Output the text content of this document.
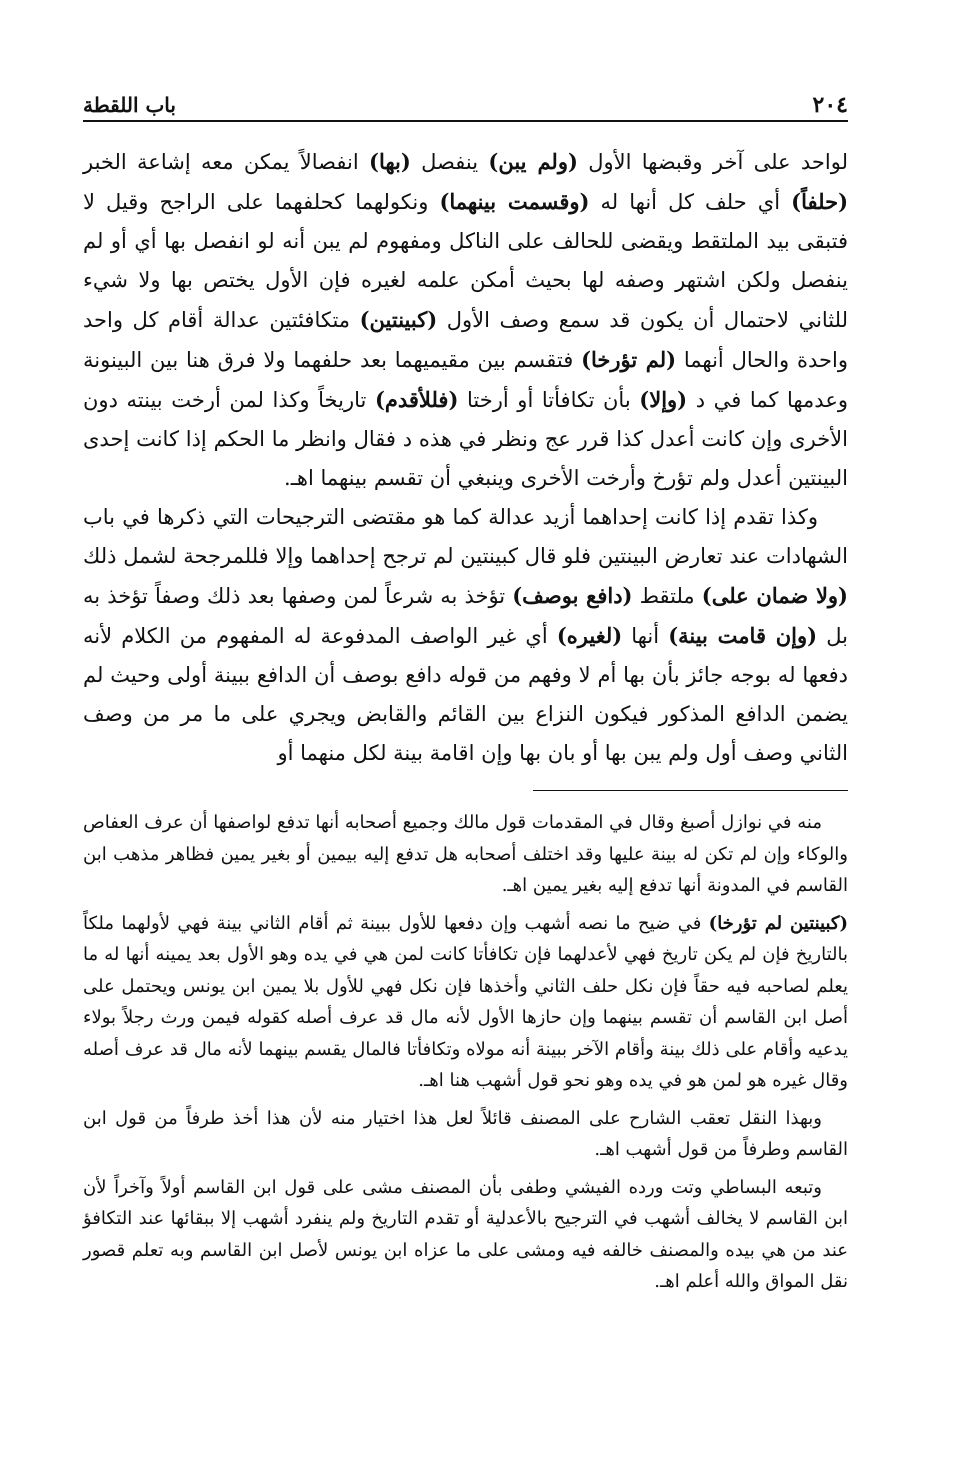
٢٠٤
باب اللقطة

لواحد على آخر وقبضها الأول (ولم يبن) ينفصل (بها) انفصالاً يمكن معه إشاعة الخبر (حلفاً) أي حلف كل أنها له (وقسمت بينهما) ونكولهما كحلفهما على الراجح وقيل لا فتبقى بيد الملتقط ويقضى للحالف على الناكل ومفهوم لم يبن أنه لو انفصل بها أي أو لم ينفصل ولكن اشتهر وصفه لها بحيث أمكن علمه لغيره فإن الأول يختص بها ولا شيء للثاني لاحتمال أن يكون قد سمع وصف الأول (كبينتين) متكافئتين عدالة أقام كل واحد واحدة والحال أنهما (لم تؤرخا) فتقسم بين مقيميهما بعد حلفهما ولا فرق هنا بين البينونة وعدمها كما في د (وإلا) بأن تكافأتا أو أرختا (فللأقدم) تاريخاً وكذا لمن أرخت بينته دون الأخرى وإن كانت أعدل كذا قرر عج ونظر في هذه د فقال وانظر ما الحكم إذا كانت إحدى البينتين أعدل ولم تؤرخ وأرخت الأخرى وينبغي أن تقسم بينهما اهـ.

وكذا تقدم إذا كانت إحداهما أزيد عدالة كما هو مقتضى الترجيحات التي ذكرها في باب الشهادات عند تعارض البينتين فلو قال كبينتين لم ترجح إحداهما وإلا فللمرجحة لشمل ذلك (ولا ضمان على) ملتقط (دافع بوصف) تؤخذ به شرعاً لمن وصفها بعد ذلك وصفاً تؤخذ به بل (وإن قامت بينة) أنها (لغيره) أي غير الواصف المدفوعة له المفهوم من الكلام لأنه دفعها له بوجه جائز بأن بها أم لا وفهم من قوله دافع بوصف أن الدافع ببينة أولى وحيث لم يضمن الدافع المذكور فيكون النزاع بين القائم والقابض ويجري على ما مر من وصف الثاني وصف أول ولم يبن بها أو بان بها وإن اقامة بينة لكل منهما أو

منه في نوازل أصبغ وقال في المقدمات قول مالك وجميع أصحابه أنها تدفع لواصفها أن عرف العفاص والوكاء وإن لم تكن له بينة عليها وقد اختلف أصحابه هل تدفع إليه بيمين أو بغير يمين فظاهر مذهب ابن القاسم في المدونة أنها تدفع إليه بغير يمين اهـ.

(كبينتين لم تؤرخا) في ضيح ما نصه أشهب وإن دفعها للأول ببينة ثم أقام الثاني بينة فهي لأولهما ملكاً بالتاريخ فإن لم يكن تاريخ فهي لأعدلهما فإن تكافأتا كانت لمن هي في يده وهو الأول بعد يمينه أنها له ما يعلم لصاحبه فيه حقاً فإن نكل حلف الثاني وأخذها فإن نكل فهي للأول بلا يمين ابن يونس ويحتمل على أصل ابن القاسم أن تقسم بينهما وإن حازها الأول لأنه مال قد عرف أصله كقوله فيمن ورث رجلاً بولاء يدعيه وأقام على ذلك بينة وأقام الآخر ببينة أنه مولاه وتكافأتا فالمال يقسم بينهما لأنه مال قد عرف أصله وقال غيره هو لمن هو في يده وهو نحو قول أشهب هنا اهـ.

وبهذا النقل تعقب الشارح على المصنف قائلاً لعل هذا اختيار منه لأن هذا أخذ طرفاً من قول ابن القاسم وطرفاً من قول أشهب اهـ.

وتبعه البساطي وتت ورده الفيشي وطفى بأن المصنف مشى على قول ابن القاسم أولاً وآخراً لأن ابن القاسم لا يخالف أشهب في الترجيح بالأعدلية أو تقدم التاريخ ولم ينفرد أشهب إلا ببقائها عند التكافؤ عند من هي بيده والمصنف خالفه فيه ومشى على ما عزاه ابن يونس لأصل ابن القاسم وبه تعلم قصور نقل المواق والله أعلم اهـ.
